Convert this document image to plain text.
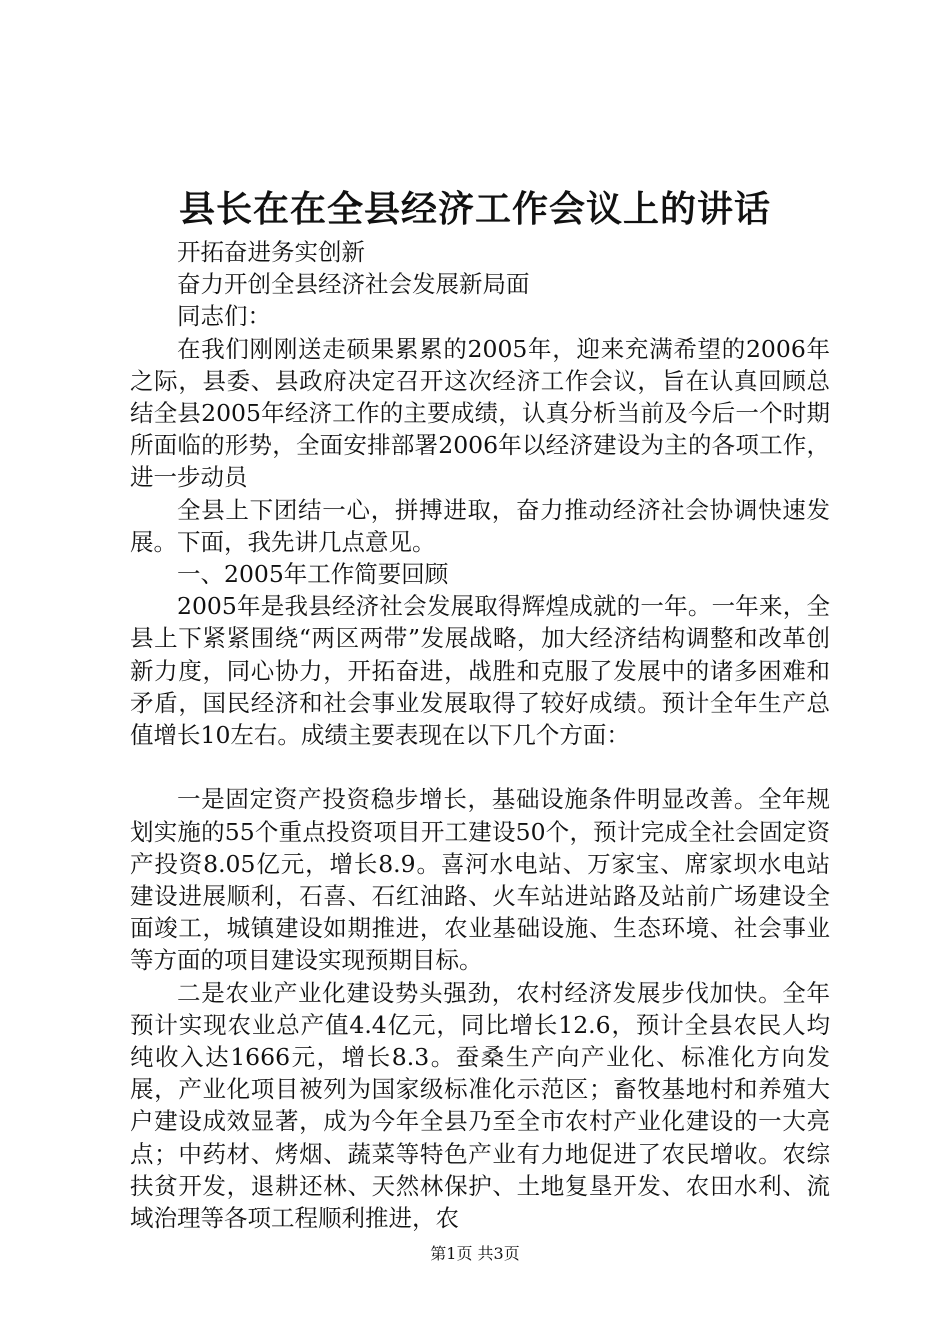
县长在在全县经济工作会议上的讲话

开拓奋进务实创新

奋力开创全县经济社会发展新局面

同志们：

在我们刚刚送走硕果累累的2005年，迎来充满希望的2006年之际，县委、县政府决定召开这次经济工作会议，旨在认真回顾总结全县2005年经济工作的主要成绩，认真分析当前及今后一个时期所面临的形势，全面安排部署2006年以经济建设为主的各项工作，进一步动员

全县上下团结一心，拼搏进取，奋力推动经济社会协调快速发展。下面，我先讲几点意见。

一、2005年工作简要回顾

2005年是我县经济社会发展取得辉煌成就的一年。一年来，全县上下紧紧围绕“两区两带”发展战略，加大经济结构调整和改革创新力度，同心协力，开拓奋进，战胜和克服了发展中的诸多困难和矛盾，国民经济和社会事业发展取得了较好成绩。预计全年生产总值增长10左右。成绩主要表现在以下几个方面：

一是固定资产投资稳步增长，基础设施条件明显改善。全年规划实施的55个重点投资项目开工建设50个，预计完成全社会固定资产投资8.05亿元，增长8.9。喜河水电站、万家宝、席家坝水电站建设进展顺利，石喜、石红油路、火车站进站路及站前广场建设全面竣工，城镇建设如期推进，农业基础设施、生态环境、社会事业等方面的项目建设实现预期目标。

二是农业产业化建设势头强劲，农村经济发展步伐加快。全年预计实现农业总产值4.4亿元，同比增长12.6，预计全县农民人均纯收入达1666元，增长8.3。蚕桑生产向产业化、标准化方向发展，产业化项目被列为国家级标准化示范区；畜牧基地村和养殖大户建设成效显著，成为今年全县乃至全市农村产业化建设的一大亮点；中药材、烤烟、蔬菜等特色产业有力地促进了农民增收。农综扶贫开发，退耕还林、天然林保护、土地复垦开发、农田水利、流域治理等各项工程顺利推进，农

第1页 共3页
